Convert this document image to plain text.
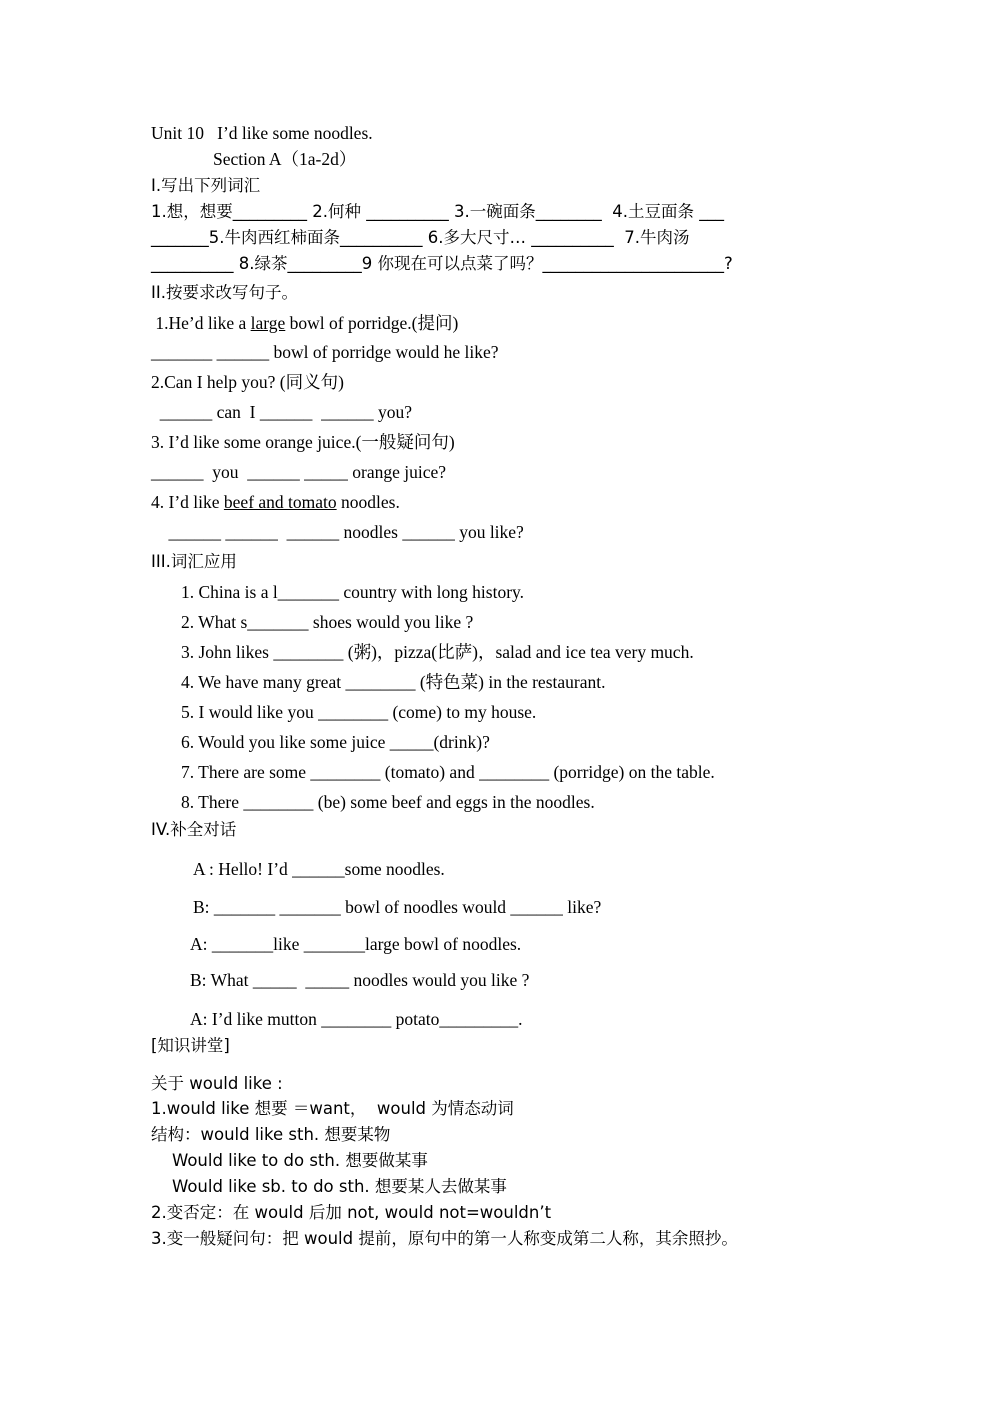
Unit 10   I’d like some noodles.
Section A（1a-2d）
I.写出下列词汇
1.想，想要_________ 2.何种 __________ 3.一碗面条________  4.土豆面条 ___
_______5.牛肉西红柿面条__________ 6.多大尺寸… __________  7.牛肉汤
__________ 8.绿茶_________9 你现在可以点菜了吗？______________________?
II.按要求改写句子。
1.He’d like a large bowl of porridge.(提问)
_______ ______ bowl of porridge would he like?
2.Can I help you? (同义句)
______ can  I ______  ______ you?
3. I’d like some orange juice.(一般疑问句)
______  you  ______ _____ orange juice?
4. I’d like beef and tomato noodles.
______ ______  ______ noodles ______ you like?
III.词汇应用
1. China is a l_______ country with long history.
2. What s_______ shoes would you like ?
3. John likes ________ (粥)，pizza(比萨)，salad and ice tea very much.
4. We have many great ________ (特色菜) in the restaurant.
5. I would like you ________ (come) to my house.
6. Would you like some juice _____(drink)?
7. There are some ________ (tomato) and ________ (porridge) on the table.
8. There ________ (be) some beef and eggs in the noodles.
IV.补全对话
A : Hello! I’d ______some noodles.
B: _______ _______ bowl of noodles would ______ like?
A: _______like _______large bowl of noodles.
B: What _____  _____ noodles would you like ?
A: I’d like mutton ________ potato_________.
[知识讲堂]
关于 would like :
1.would like 想要 ＝want，  would 为情态动词
结构：would like sth. 想要某物
Would like to do sth. 想要做某事
Would like sb. to do sth. 想要某人去做某事
2.变否定：在 would 后加 not, would not=wouldn’t
3.变一般疑问句：把 would 提前，原句中的第一人称变成第二人称，其余照抄。
